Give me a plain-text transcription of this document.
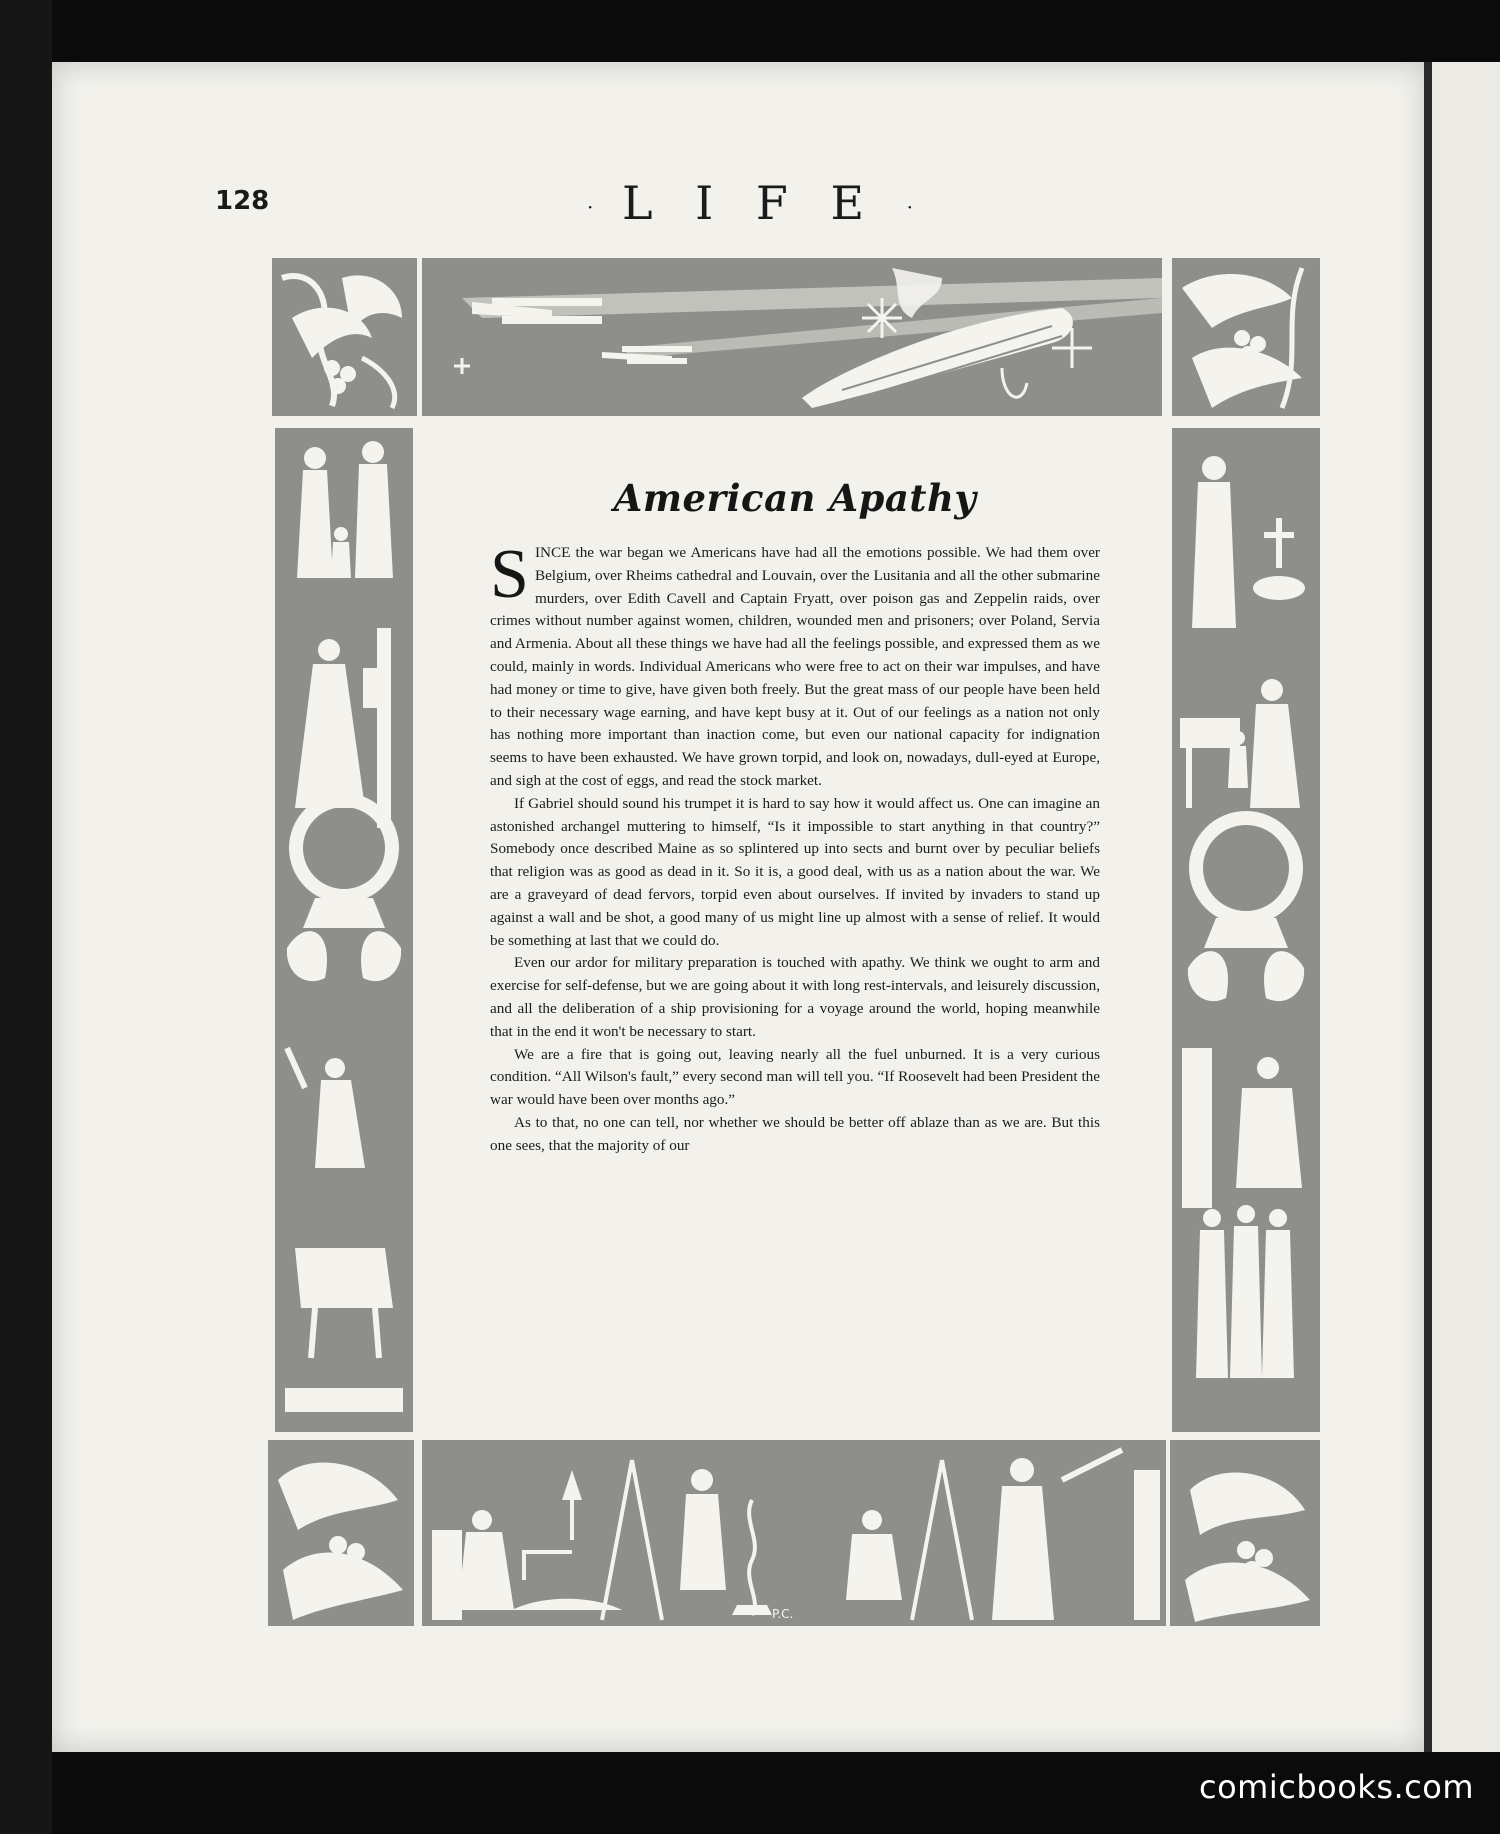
128	· L I F E ·
P.C.
American Apathy

SINCE the war began we Americans have had all the emotions possible. We had them over Belgium, over Rheims cathedral and Louvain, over the Lusitania and all the other submarine murders, over Edith Cavell and Captain Fryatt, over poison gas and Zeppelin raids, over crimes without number against women, children, wounded men and prisoners; over Poland, Servia and Armenia. About all these things we have had all the feelings possible, and expressed them as we could, mainly in words. Individual Americans who were free to act on their war impulses, and have had money or time to give, have given both freely. But the great mass of our people have been held to their necessary wage earning, and have kept busy at it. Out of our feelings as a nation not only has nothing more important than inaction come, but even our national capacity for indignation seems to have been exhausted. We have grown torpid, and look on, nowadays, dull-eyed at Europe, and sigh at the cost of eggs, and read the stock market.

If Gabriel should sound his trumpet it is hard to say how it would affect us. One can imagine an astonished archangel muttering to himself, “Is it impossible to start anything in that country?” Somebody once described Maine as so splintered up into sects and burnt over by peculiar beliefs that religion was as good as dead in it. So it is, a good deal, with us as a nation about the war. We are a graveyard of dead fervors, torpid even about ourselves. If invited by invaders to stand up against a wall and be shot, a good many of us might line up almost with a sense of relief. It would be something at last that we could do.

Even our ardor for military preparation is touched with apathy. We think we ought to arm and exercise for self-defense, but we are going about it with long rest-intervals, and leisurely discussion, and all the deliberation of a ship provisioning for a voyage around the world, hoping meanwhile that in the end it won't be necessary to start.

We are a fire that is going out, leaving nearly all the fuel unburned. It is a very curious condition. “All Wilson's fault,” every second man will tell you. “If Roosevelt had been President the war would have been over months ago.”

As to that, no one can tell, nor whether we should be better off ablaze than as we are. But this one sees, that the majority of our

comicbooks.com
